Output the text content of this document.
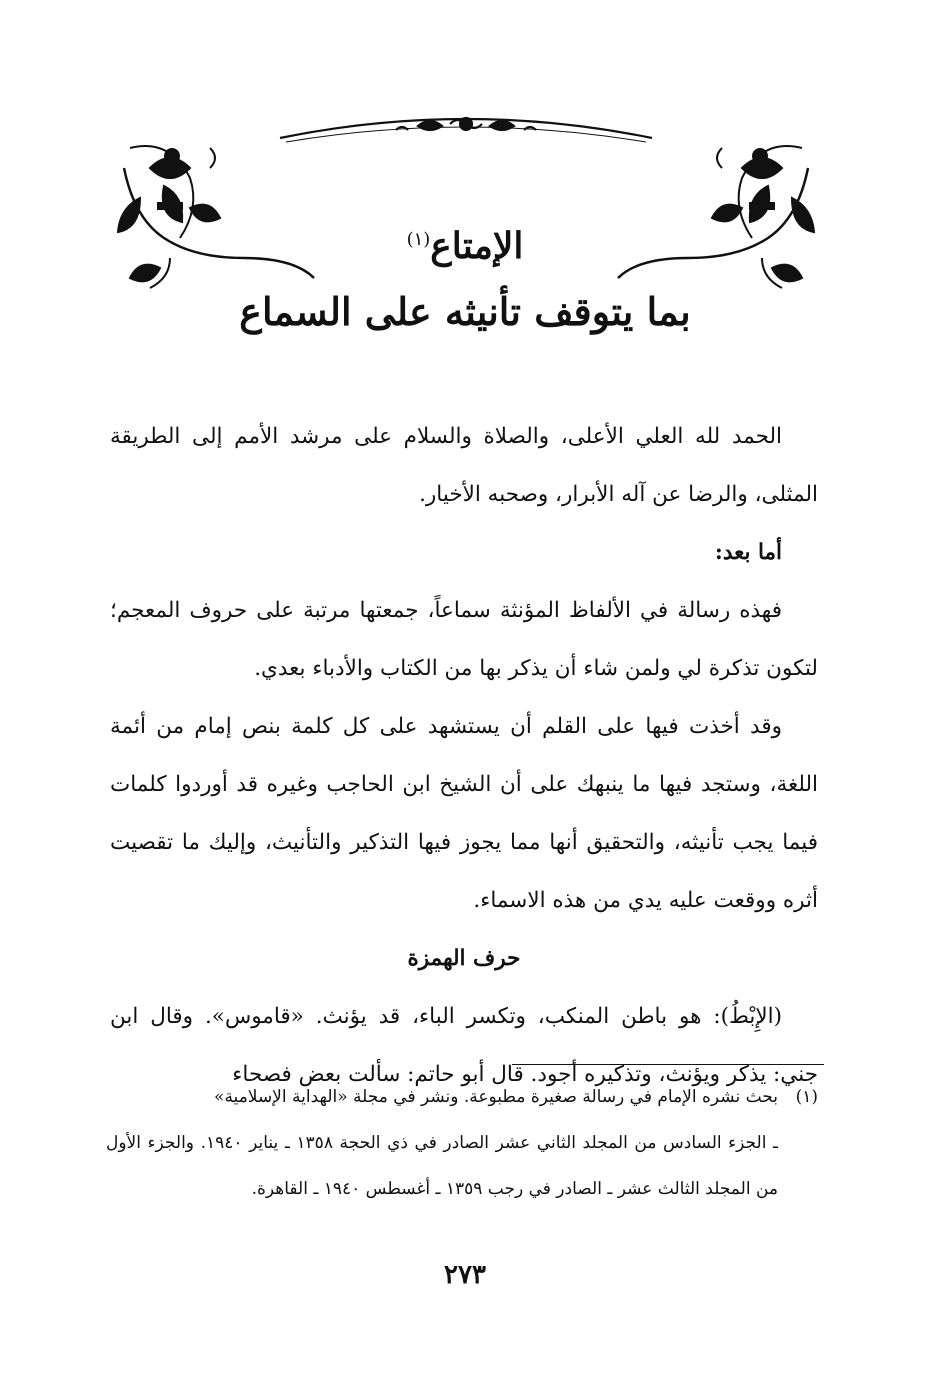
الإمتاع$^{(١)}$
بما يتوقف تأنيثه على السماع

الحمد لله العلي الأعلى، والصلاة والسلام على مرشد الأمم إلى الطريقة المثلى، والرضا عن آله الأبرار، وصحبه الأخيار.

أما بعد:

فهذه رسالة في الألفاظ المؤنثة سماعاً، جمعتها مرتبة على حروف المعجم؛ لتكون تذكرة لي ولمن شاء أن يذكر بها من الكتاب والأدباء بعدي.

وقد أخذت فيها على القلم أن يستشهد على كل كلمة بنص إمام من أئمة اللغة، وستجد فيها ما ينبهك على أن الشيخ ابن الحاجب وغيره قد أوردوا كلمات فيما يجب تأنيثه، والتحقيق أنها مما يجوز فيها التذكير والتأنيث، وإليك ما تقصيت أثره ووقعت عليه يدي من هذه الاسماء.

حرف الهمزة

(الإِبْطُ): هو باطن المنكب، وتكسر الباء، قد يؤنث. «قاموس». وقال ابن جني: يذكر ويؤنث، وتذكيره أجود. قال أبو حاتم: سألت بعض فصحاء

(١)بحث نشره الإمام في رسالة صغيرة مطبوعة. ونشر في مجلة «الهداية الإسلامية»

ـ الجزء السادس من المجلد الثاني عشر الصادر في ذي الحجة ١٣٥٨ ـ يناير ١٩٤٠. والجزء الأول من المجلد الثالث عشر ـ الصادر في رجب ١٣٥٩ ـ أغسطس ١٩٤٠ ـ القاهرة.

٢٧٣
